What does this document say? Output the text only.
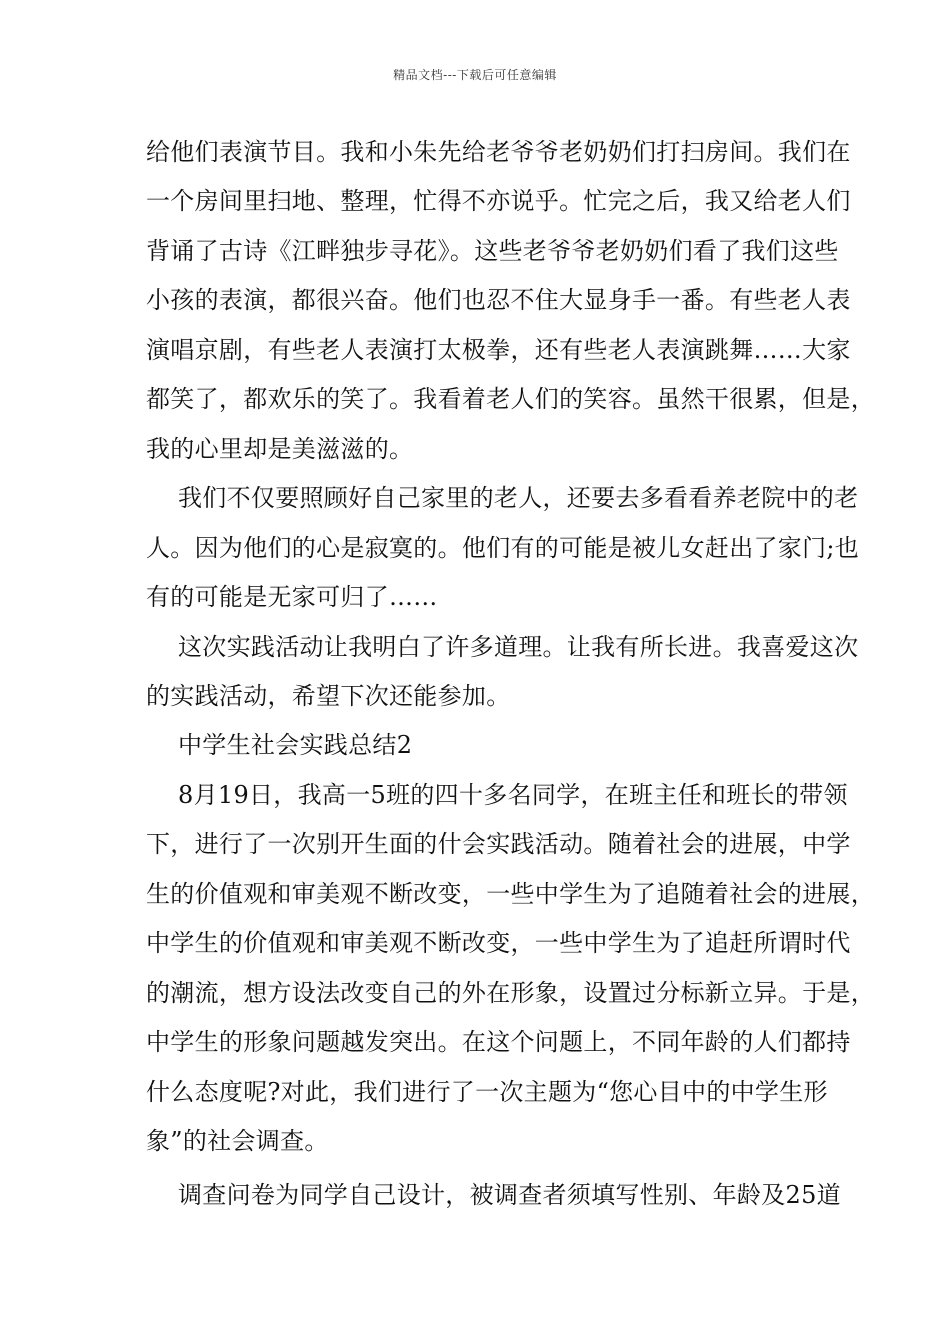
精品文档---下载后可任意编辑
给他们表演节目。我和小朱先给老爷爷老奶奶们打扫房间。我们在
一个房间里扫地、整理，忙得不亦说乎。忙完之后，我又给老人们
背诵了古诗《江畔独步寻花》。这些老爷爷老奶奶们看了我们这些
小孩的表演，都很兴奋。他们也忍不住大显身手一番。有些老人表
演唱京剧，有些老人表演打太极拳，还有些老人表演跳舞……大家
都笑了，都欢乐的笑了。我看着老人们的笑容。虽然干很累，但是，
我的心里却是美滋滋的。
我们不仅要照顾好自己家里的老人，还要去多看看养老院中的老
人。因为他们的心是寂寞的。他们有的可能是被儿女赶出了家门;也
有的可能是无家可归了……
这次实践活动让我明白了许多道理。让我有所长进。我喜爱这次
的实践活动，希望下次还能参加。
中学生社会实践总结2
8月19日，我高一5班的四十多名同学，在班主任和班长的带领
下，进行了一次别开生面的什会实践活动。随着社会的进展，中学
生的价值观和审美观不断改变，一些中学生为了追随着社会的进展，
中学生的价值观和审美观不断改变，一些中学生为了追赶所谓时代
的潮流，想方设法改变自己的外在形象，设置过分标新立异。于是，
中学生的形象问题越发突出。在这个问题上，不同年龄的人们都持
什么态度呢?对此，我们进行了一次主题为“您心目中的中学生形
象”的社会调查。
调查问卷为同学自己设计，被调查者须填写性别、年龄及25道
